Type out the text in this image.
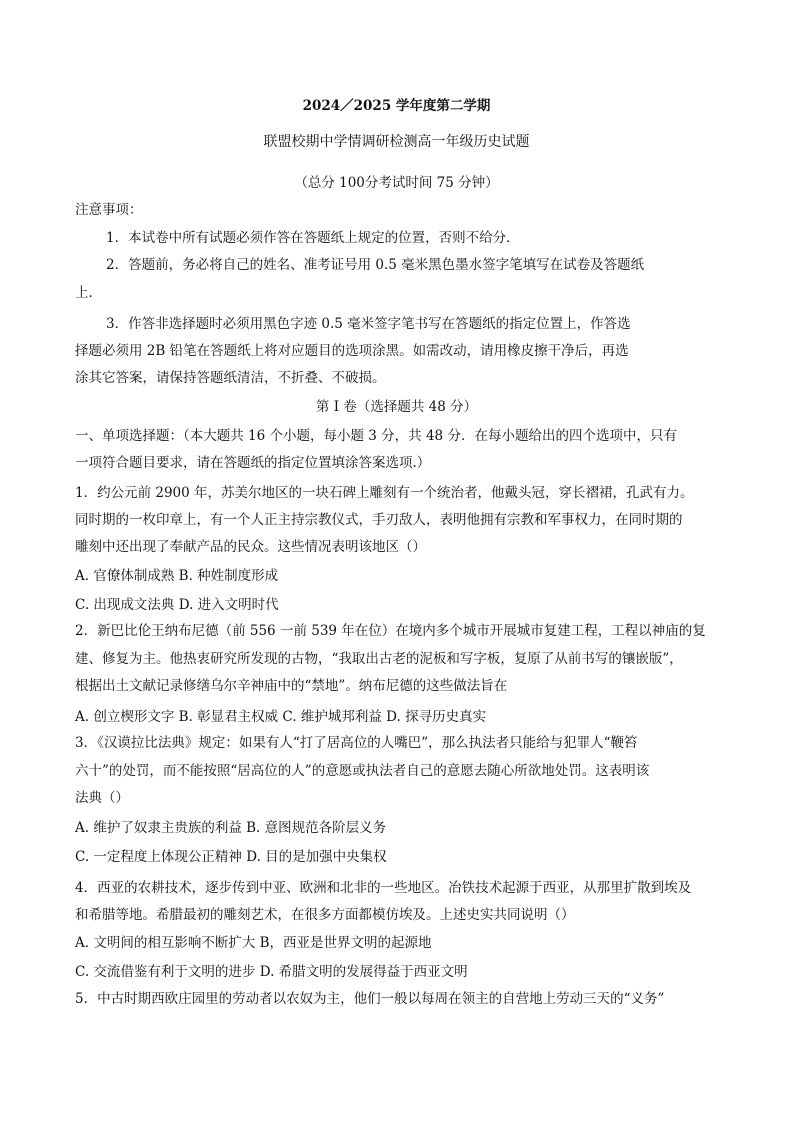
2024／2025 学年度第二学期
联盟校期中学情调研检测高一年级历史试题
（总分 100分考试时间 75 分钟）
注意事项：
1．本试卷中所有试题必须作答在答题纸上规定的位置，否则不给分．
2．答题前，务必将自己的姓名、准考证号用 0.5 毫米黑色墨水签字笔填写在试卷及答题纸
上.
3．作答非选择题时必须用黑色字迹 0.5 毫米签字笔书写在答题纸的指定位置上，作答选
择题必须用 2B 铅笔在答题纸上将对应题目的选项涂黑。如需改动，请用橡皮擦干净后，再选
涂其它答案，请保持答题纸清洁，不折叠、不破损。
第 I 卷（选择题共 48 分）
一、单项选择题：（本大题共 16 个小题，每小题 3 分，共 48 分．在每小题给出的四个选项中，只有
一项符合题目要求，请在答题纸的指定位置填涂答案选项.）
1．约公元前 2900 年，苏美尔地区的一块石碑上雕刻有一个统治者，他戴头冠，穿长褶裙，孔武有力。
同时期的一枚印章上，有一个人正主持宗教仪式，手刃敌人，表明他拥有宗教和军事权力，在同时期的
雕刻中还出现了奉献产品的民众。这些情况表明该地区（）
A. 官僚体制成熟 B. 种姓制度形成
C. 出现成文法典 D. 进入文明时代
2．新巴比伦王纳布尼德（前 556 一前 539 年在位）在境内多个城市开展城市复建工程，工程以神庙的复
建、修复为主。他热衷研究所发现的古物，“我取出古老的泥板和写字板，复原了从前书写的镶嵌版”，
根据出土文献记录修缮乌尔辛神庙中的“禁地”。纳布尼德的这些做法旨在
A. 创立楔形文字 B. 彰显君主权威 C. 维护城邦利益 D. 探寻历史真实
3．《汉谟拉比法典》规定：如果有人“打了居高位的人嘴巴”，那么执法者只能给与犯罪人“鞭笞
六十”的处罚，而不能按照“居高位的人”的意愿或执法者自己的意愿去随心所欲地处罚。这表明该
法典（）
A. 维护了奴隶主贵族的利益 B. 意图规范各阶层义务
C. 一定程度上体现公正精神 D. 目的是加强中央集权
4．西亚的农耕技术，逐步传到中亚、欧洲和北非的一些地区。冶铁技术起源于西亚，从那里扩散到埃及
和希腊等地。希腊最初的雕刻艺术，在很多方面都模仿埃及。上述史实共同说明（）
A. 文明间的相互影响不断扩大 B，西亚是世界文明的起源地
C. 交流借鉴有利于文明的进步 D. 希腊文明的发展得益于西亚文明
5．中古时期西欧庄园里的劳动者以农奴为主，他们一般以每周在领主的自营地上劳动三天的“义务”
